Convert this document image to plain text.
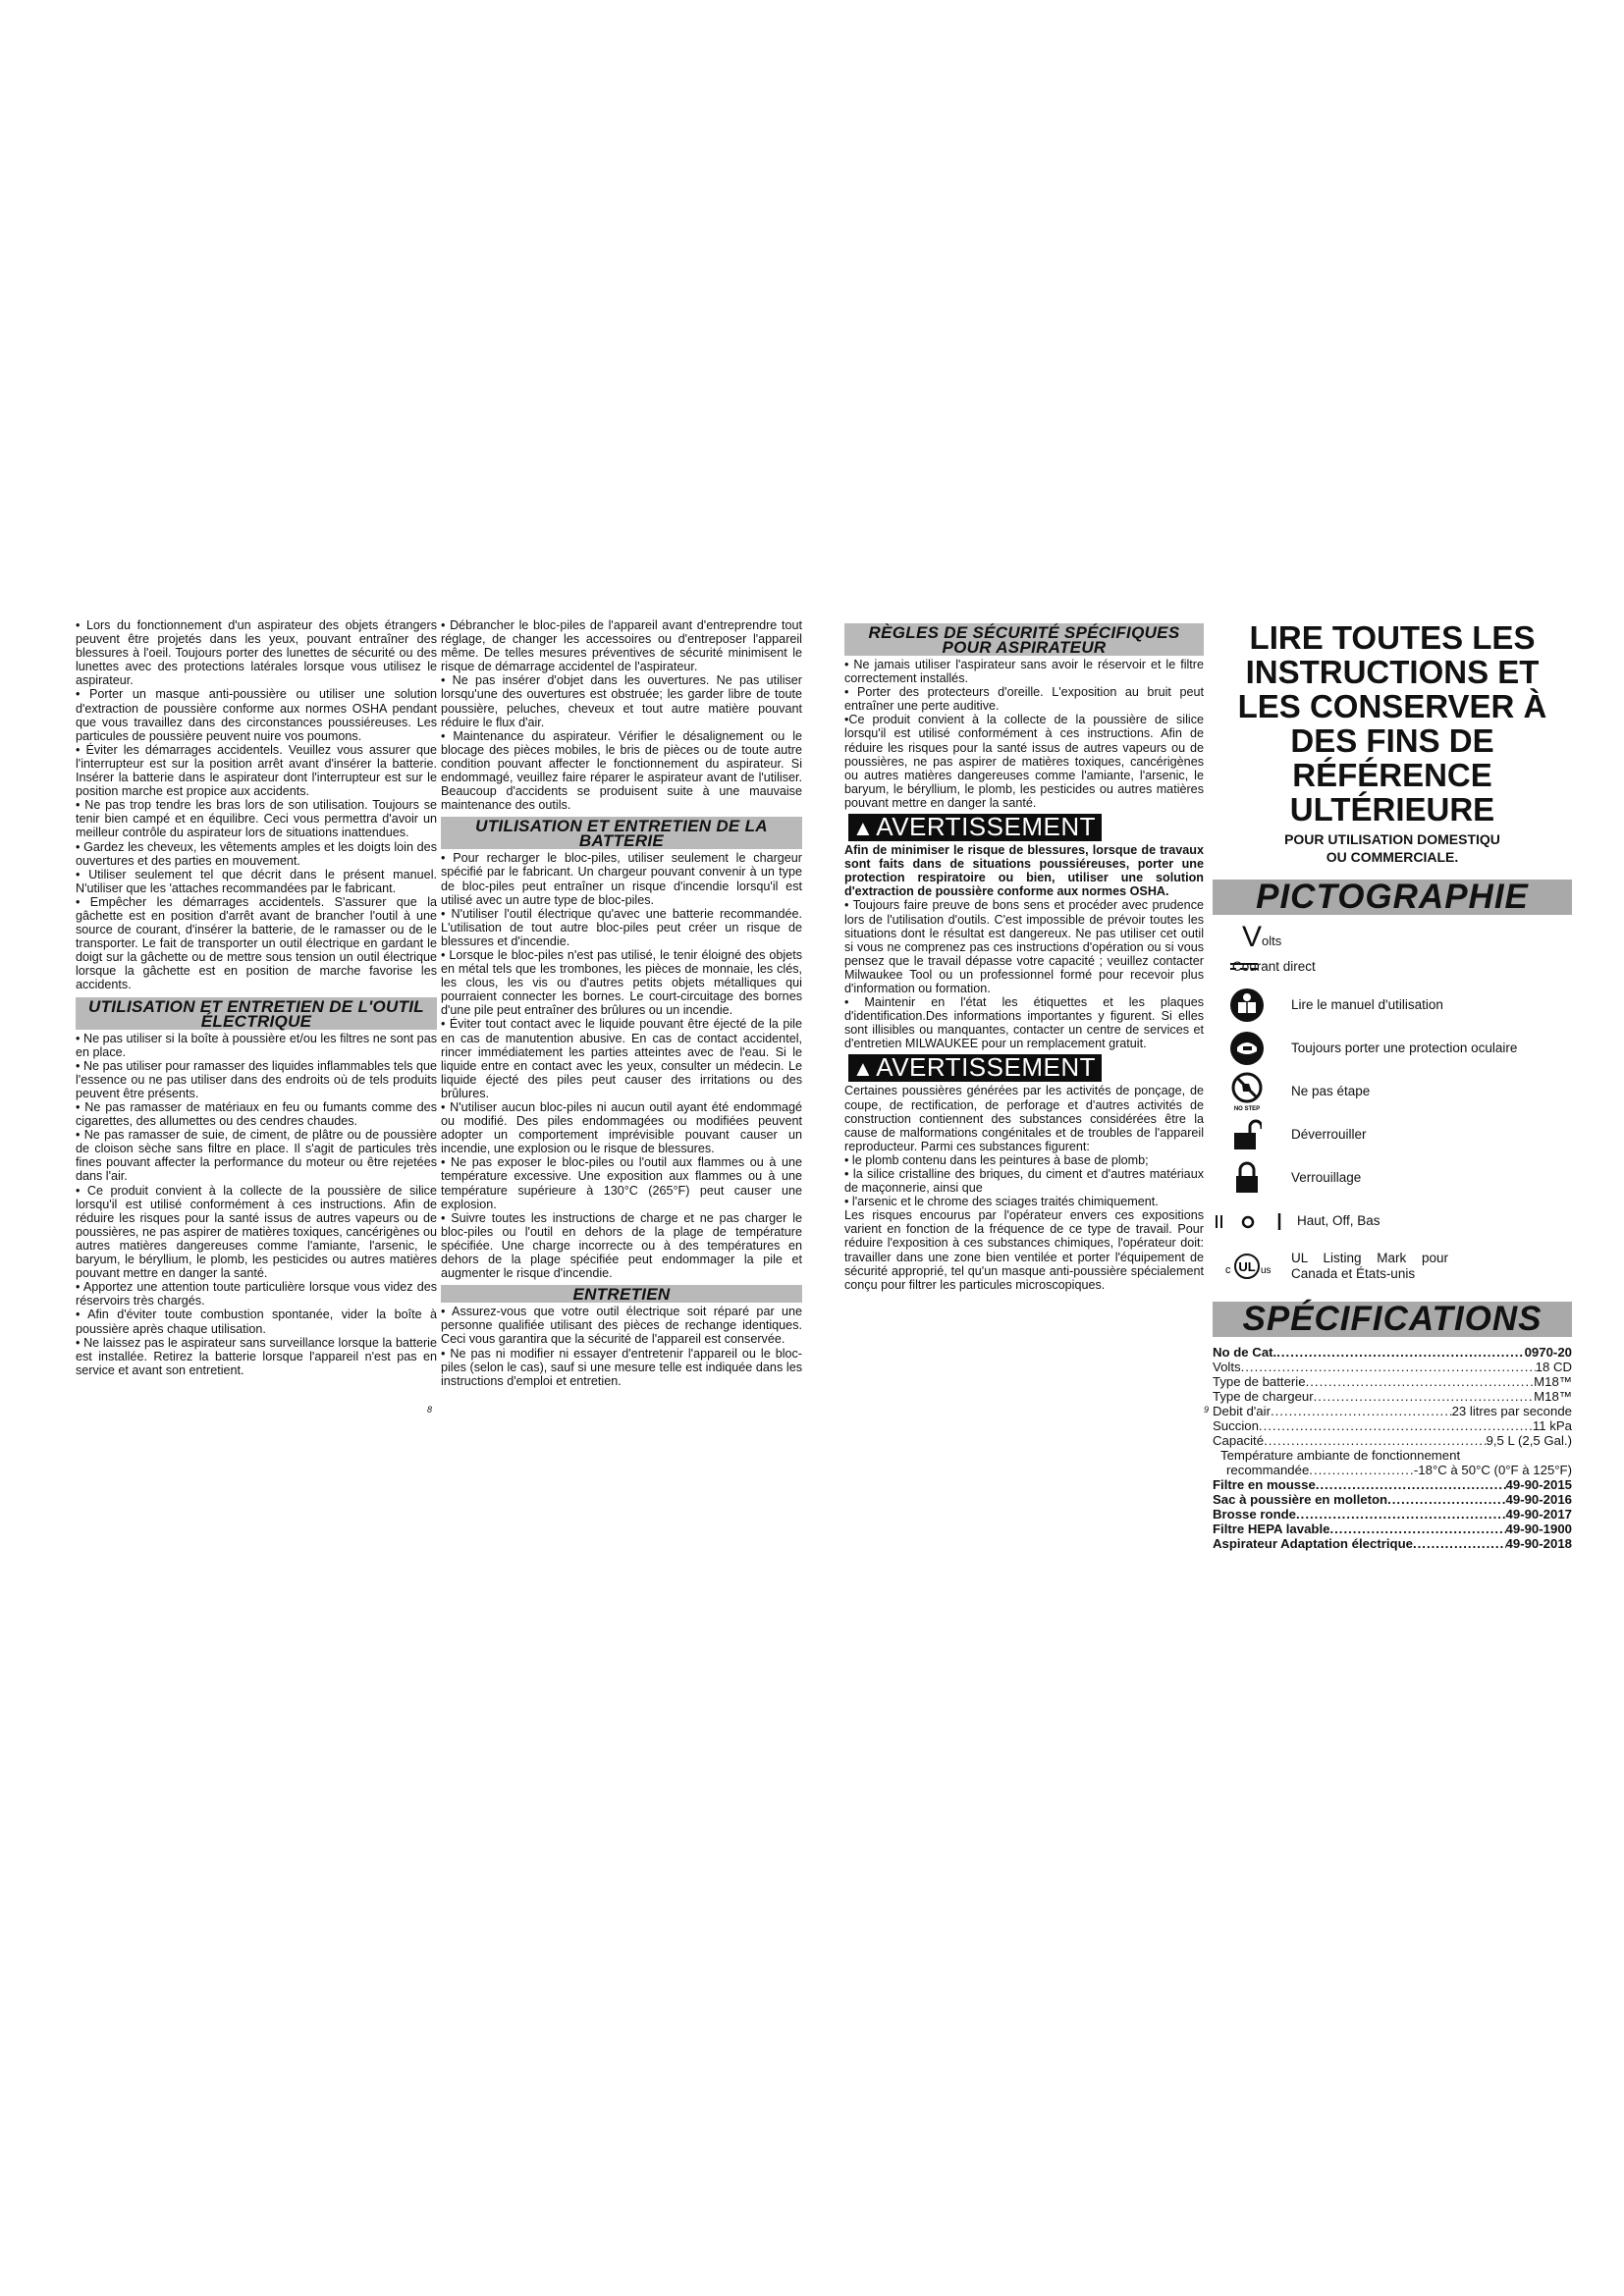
• Lors du fonctionnement d'un aspirateur des objets étrangers peuvent être projetés dans les yeux, pouvant entraîner des blessures à l'oeil. Toujours porter des lunettes de sécurité ou des lunettes avec des protections latérales lorsque vous utilisez le aspirateur.

• Porter un masque anti-poussière ou utiliser une solution d'extraction de poussière conforme aux normes OSHA pendant que vous travaillez dans des circonstances poussiéreuses. Les particules de poussière peuvent nuire vos poumons.

• Éviter les démarrages accidentels. Veuillez vous assurer que l'interrupteur est sur la position arrêt avant d'insérer la batterie. Insérer la batterie dans le aspirateur dont l'interrupteur est sur le position marche est propice aux accidents.

• Ne pas trop tendre les bras lors de son utilisation. Toujours se tenir bien campé et en équilibre. Ceci vous permettra d'avoir un meilleur contrôle du aspirateur lors de situations inattendues.

• Gardez les cheveux, les vêtements amples et les doigts loin des ouvertures et des parties en mouvement.

• Utiliser seulement tel que décrit dans le présent manuel. N'utiliser que les 'attaches recommandées par le fabricant.

• Empêcher les démarrages accidentels. S'assurer que la gâchette est en position d'arrêt avant de brancher l'outil à une source de courant, d'insérer la batterie, de le ramasser ou de le transporter. Le fait de transporter un outil électrique en gardant le doigt sur la gâchette ou de mettre sous tension un outil électrique lorsque la gâchette est en position de marche favorise les accidents.

UTILISATION ET ENTRETIEN DE L'OUTIL ÉLECTRIQUE

• Ne pas utiliser si la boîte à poussière et/ou les filtres ne sont pas en place.

• Ne pas utiliser pour ramasser des liquides inflammables tels que l'essence ou ne pas utiliser dans des endroits où de tels produits peuvent être présents.

• Ne pas ramasser de matériaux en feu ou fumants comme des cigarettes, des allumettes ou des cendres chaudes.

• Ne pas ramasser de suie, de ciment, de plâtre ou de poussière de cloison sèche sans filtre en place. Il s'agit de particules très fines pouvant affecter la performance du moteur ou être rejetées dans l'air.

• Ce produit convient à la collecte de la poussière de silice lorsqu'il est utilisé conformément à ces instructions. Afin de réduire les risques pour la santé issus de autres vapeurs ou de poussières, ne pas aspirer de matières toxiques, cancérigènes ou autres matières dangereuses comme l'amiante, l'arsenic, le baryum, le béryllium, le plomb, les pesticides ou autres matières pouvant mettre en danger la santé.

• Apportez une attention toute particulière lorsque vous videz des réservoirs très chargés.

• Afin d'éviter toute combustion spontanée, vider la boîte à poussière après chaque utilisation.

• Ne laissez pas le aspirateur sans surveillance lorsque la batterie est installée. Retirez la batterie lorsque l'appareil n'est pas en service et avant son entretient.

• Débrancher le bloc-piles de l'appareil avant d'entreprendre tout réglage, de changer les accessoires ou d'entreposer l'appareil même. De telles mesures préventives de sécurité minimisent le risque de démarrage accidentel de l'aspirateur.

• Ne pas insérer d'objet dans les ouvertures. Ne pas utiliser lorsqu'une des ouvertures est obstruée; les garder libre de toute poussière, peluches, cheveux et tout autre matière pouvant réduire le flux d'air.

• Maintenance du aspirateur. Vérifier le désalignement ou le blocage des pièces mobiles, le bris de pièces ou de toute autre condition pouvant affecter le fonctionnement du aspirateur. Si endommagé, veuillez faire réparer le aspirateur avant de l'utiliser. Beaucoup d'accidents se produisent suite à une mauvaise maintenance des outils.

UTILISATION ET ENTRETIEN DE LA BATTERIE

• Pour recharger le bloc-piles, utiliser seulement le chargeur spécifié par le fabricant. Un chargeur pouvant convenir à un type de bloc-piles peut entraîner un risque d'incendie lorsqu'il est utilisé avec un autre type de bloc-piles.

• N'utiliser l'outil électrique qu'avec une batterie recommandée. L'utilisation de tout autre bloc-piles peut créer un risque de blessures et d'incendie.

• Lorsque le bloc-piles n'est pas utilisé, le tenir éloigné des objets en métal tels que les trombones, les pièces de monnaie, les clés, les clous, les vis ou d'autres petits objets métalliques qui pourraient connecter les bornes. Le court-circuitage des bornes d'une pile peut entraîner des brûlures ou un incendie.

• Éviter tout contact avec le liquide pouvant être éjecté de la pile en cas de manutention abusive. En cas de contact accidentel, rincer immédiatement les parties atteintes avec de l'eau. Si le liquide entre en contact avec les yeux, consulter un médecin. Le liquide éjecté des piles peut causer des irritations ou des brûlures.

• N'utiliser aucun bloc-piles ni aucun outil ayant été endommagé ou modifié. Des piles endommagées ou modifiées peuvent adopter un comportement imprévisible pouvant causer un incendie, une explosion ou le risque de blessures.

• Ne pas exposer le bloc-piles ou l'outil aux flammes ou à une température excessive. Une exposition aux flammes ou à une température supérieure à 130°C (265°F) peut causer une explosion.

• Suivre toutes les instructions de charge et ne pas charger le bloc-piles ou l'outil en dehors de la plage de température spécifiée. Une charge incorrecte ou à des températures en dehors de la plage spécifiée peut endommager la pile et augmenter le risque d'incendie.

ENTRETIEN

• Assurez-vous que votre outil électrique soit réparé par une personne qualifiée utilisant des pièces de rechange identiques. Ceci vous garantira que la sécurité de l'appareil est conservée.

• Ne pas ni modifier ni essayer d'entretenir l'appareil ou le bloc-piles (selon le cas), sauf si une mesure telle est indiquée dans les instructions d'emploi et entretien.

RÈGLES DE SÉCURITÉ SPÉCIFIQUES POUR ASPIRATEUR

• Ne jamais utiliser l'aspirateur sans avoir le réservoir et le filtre correctement installés.

• Porter des protecteurs d'oreille. L'exposition au bruit peut entraîner une perte auditive.

•Ce produit convient à la collecte de la poussière de silice lorsqu'il est utilisé conformément à ces instructions. Afin de réduire les risques pour la santé issus de autres vapeurs ou de poussières, ne pas aspirer de matières toxiques, cancérigènes ou autres matières dangereuses comme l'amiante, l'arsenic, le baryum, le béryllium, le plomb, les pesticides ou autres matières pouvant mettre en danger la santé.

▲AVERTISSEMENT

Afin de minimiser le risque de blessures, lorsque de travaux sont faits dans de situations poussiéreuses, porter une protection respiratoire ou bien, utiliser une solution d'extraction de poussière conforme aux normes OSHA.

• Toujours faire preuve de bons sens et procéder avec prudence lors de l'utilisation d'outils. C'est impossible de prévoir toutes les situations dont le résultat est dangereux. Ne pas utiliser cet outil si vous ne comprenez pas ces instructions d'opération ou si vous pensez que le travail dépasse votre capacité ; veuillez contacter Milwaukee Tool ou un professionnel formé pour recevoir plus d'information ou formation.

• Maintenir en l'état les étiquettes et les plaques d'identification.Des informations importantes y figurent. Si elles sont illisibles ou manquantes, contacter un centre de services et d'entretien MILWAUKEE pour un remplacement gratuit.

▲AVERTISSEMENT

Certaines poussières générées par les activités de ponçage, de coupe, de rectification, de perforage et d'autres activités de construction contiennent des substances considérées être la cause de malformations congénitales et de troubles de l'appareil reproducteur. Parmi ces substances figurent:

• le plomb contenu dans les peintures à base de plomb;

• la silice cristalline des briques, du ciment et d'autres matériaux de maçonnerie, ainsi que

• l'arsenic et le chrome des sciages traités chimiquement.

Les risques encourus par l'opérateur envers ces expositions varient en fonction de la fréquence de ce type de travail. Pour réduire l'exposition à ces substances chimiques, l'opérateur doit: travailler dans une zone bien ventilée et porter l'équipement de sécurité approprié, tel qu'un masque anti-poussière spécialement conçu pour filtrer les particules microscopiques.

LIRE TOUTES LES INSTRUCTIONS ET LES CONSERVER À DES FINS DE RÉFÉRENCE ULTÉRIEURE

POUR UTILISATION DOMESTIQU OU COMMERCIALE.

PICTOGRAPHIE
V olts
Courant direct
Lire le manuel d'utilisation
Toujours porter une protection oculaire
NO STEP
Ne pas étape
Déverrouiller
Verrouillage
Haut, Off, Bas
UL
c	us
UL Listing Mark pour Canada et États-unis
SPÉCIFICATIONS
No de Cat. .....	0970-20
Volts .....	18 CD
Type de batterie .....	M18™
Type de chargeur .....	M18™
Debit d'air .....	23 litres par seconde
Succion .....	11 kPa
Capacité .....	9,5 L (2,5 Gal.)
Température ambiante de fonctionnement
recommandée .....	-18°C à 50°C (0°F à 125°F)
Filtre en mousse .....	49-90-2015
Sac à poussière en molleton .....	49-90-2016
Brosse ronde .....	49-90-2017
Filtre HEPA lavable .....	49-90-1900
Aspirateur Adaptation électrique .....	49-90-2018
8	9
